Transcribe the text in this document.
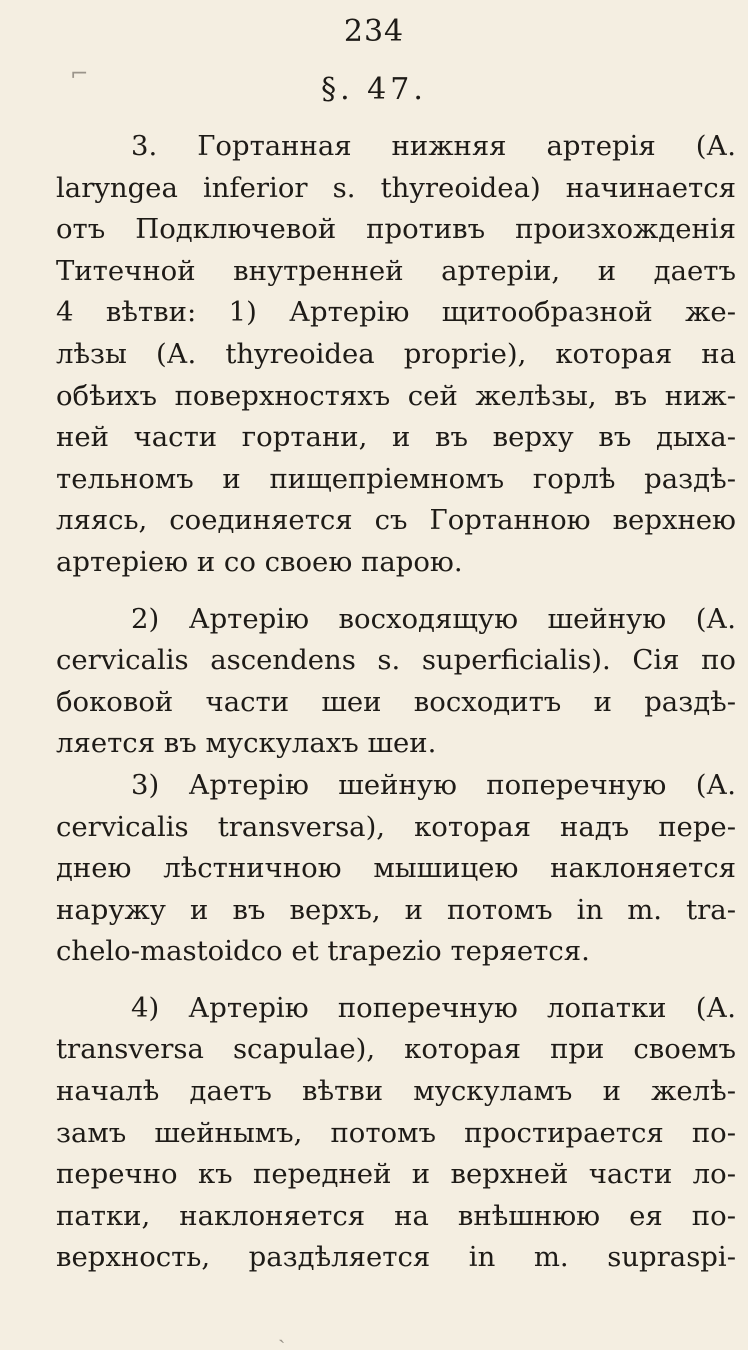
234
§. 47.
3. Гортанная нижняя артерія (А.
laryngea inferior s. thyreoidea) начинается
отъ Подключевой противъ произхожденія
Титечной внутренней артеріи, и даетъ
4 вѣтви: 1) Артерію щитообразной же-
лѣзы (А. thyreoidea proprie), которая на
обѣихъ поверхностяхъ сей желѣзы, въ ниж-
ней части гортани, и въ верху въ дыха-
тельномъ и пищепріемномъ горлѣ раздѣ-
ляясь, соединяется съ Гортанною верхнею
артеріею и со своею парою.
2) Артерію восходящую шейную (А.
cervicalis ascendens s. superficialis). Сія по
боковой части шеи восходитъ и раздѣ-
ляется въ мускулахъ шеи.
3) Артерію шейную поперечную (А.
cervicalis transversa), которая надъ пере-
днею лѣстничною мышицею наклоняется
наружу и въ верхъ, и потомъ in m. tra-
chelo-mastoidco et trapezio теряется.
4) Артерію поперечную лопатки (А.
transversa scapulae), которая при своемъ
началѣ даетъ вѣтви мускуламъ и желѣ-
замъ шейнымъ, потомъ простирается по-
перечно къ передней и верхней части ло-
патки, наклоняется на внѣшнюю ея по-
верхность, раздѣляется in m. supraspi-
⌐
ˎ
